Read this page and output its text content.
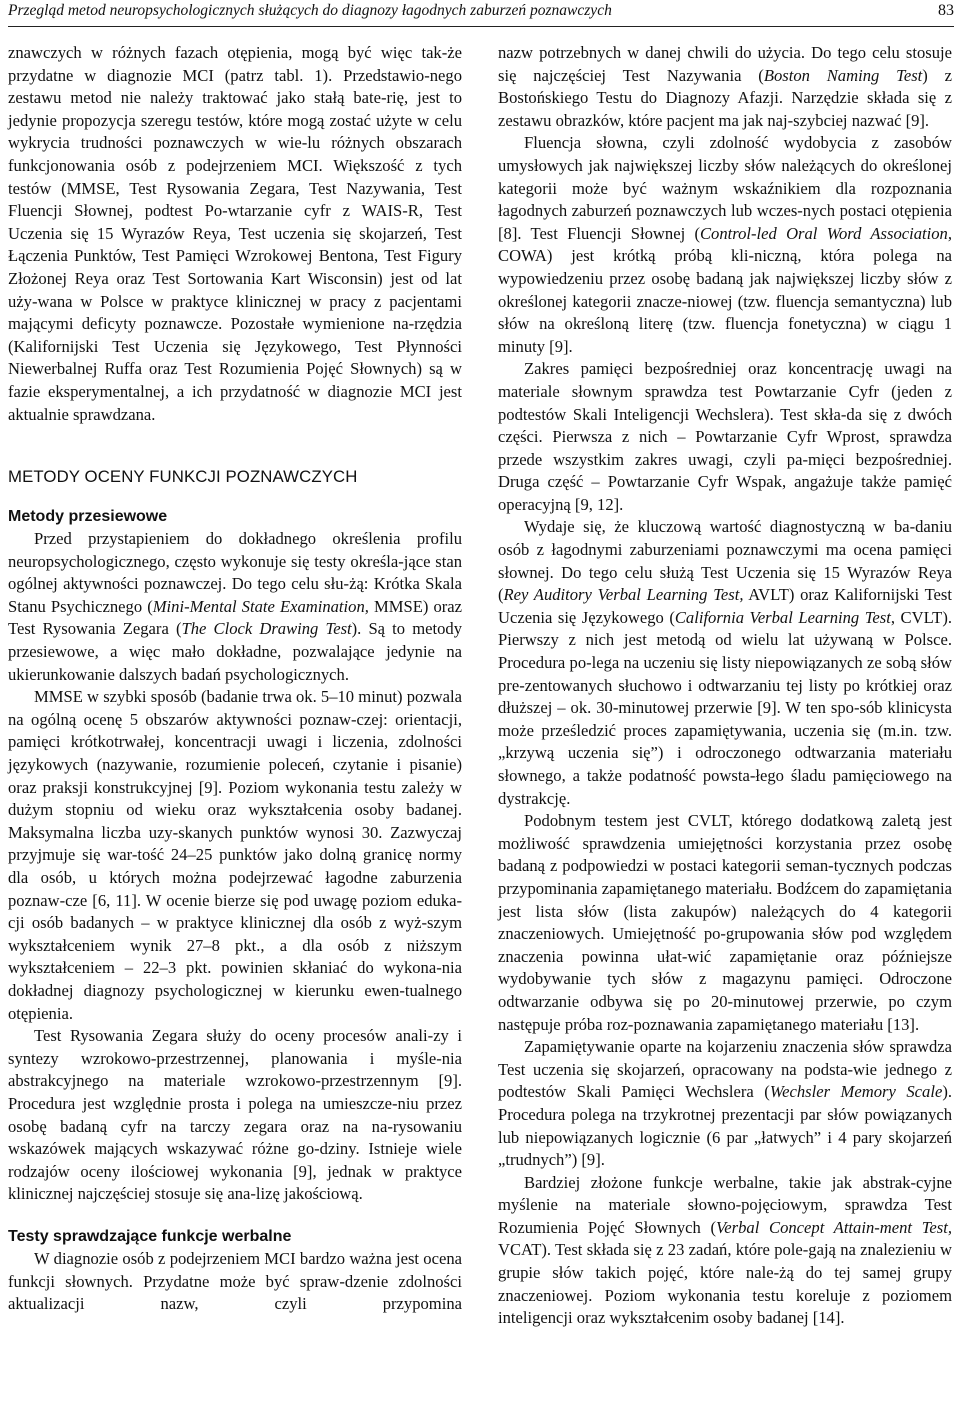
Przegląd metod neuropsychologicznych służących do diagnozy łagodnych zaburzeń poznawczych	83

znawczych w różnych fazach otępienia, mogą być więc tak-że przydatne w diagnozie MCI (patrz tabl. 1). Przedstawio-nego zestawu metod nie należy traktować jako stałą bate-rię, jest to jedynie propozycja szeregu testów, które mogą zostać użyte w celu wykrycia trudności poznawczych w wie-lu różnych obszarach funkcjonowania osób z podejrzeniem MCI. Większość z tych testów (MMSE, Test Rysowania Zegara, Test Nazywania, Test Fluencji Słownej, podtest Po-wtarzanie cyfr z WAIS-R, Test Uczenia się 15 Wyrazów Reya, Test uczenia się skojarzeń, Test Łączenia Punktów, Test Pamięci Wzrokowej Bentona, Test Figury Złożonej Reya oraz Test Sortowania Kart Wisconsin) jest od lat uży-wana w Polsce w praktyce klinicznej w pracy z pacjentami mającymi deficyty poznawcze. Pozostałe wymienione na-rzędzia (Kalifornijski Test Uczenia się Językowego, Test Płynności Niewerbalnej Ruffa oraz Test Rozumienia Pojęć Słownych) są w fazie eksperymentalnej, a ich przydatność w diagnozie MCI jest aktualnie sprawdzana.

METODY OCENY FUNKCJI POZNAWCZYCH
Metody przesiewowe

Przed przystapieniem do dokładnego określenia profilu neuropsychologicznego, często wykonuje się testy określa-jące stan ogólnej aktywności poznawczej. Do tego celu słu-żą: Krótka Skala Stanu Psychicznego (Mini-Mental State Examination, MMSE) oraz Test Rysowania Zegara (The Clock Drawing Test). Są to metody przesiewowe, a więc mało dokładne, pozwalające jedynie na ukierunkowanie dalszych badań psychologicznych.

MMSE w szybki sposób (badanie trwa ok. 5–10 minut) pozwala na ogólną ocenę 5 obszarów aktywności poznaw-czej: orientacji, pamięci krótkotrwałej, koncentracji uwagi i liczenia, zdolności językowych (nazywanie, rozumienie poleceń, czytanie i pisanie) oraz praksji konstrukcyjnej [9]. Poziom wykonania testu zależy w dużym stopniu od wieku oraz wykształcenia osoby badanej. Maksymalna liczba uzy-skanych punktów wynosi 30. Zazwyczaj przyjmuje się war-tość 24–25 punktów jako dolną granicę normy dla osób, u których można podejrzewać łagodne zaburzenia poznaw-cze [6, 11]. W ocenie bierze się pod uwagę poziom eduka-cji osób badanych – w praktyce klinicznej dla osób z wyż-szym wykształceniem wynik 27–8 pkt., a dla osób z niższym wykształceniem – 22–3 pkt. powinien skłaniać do wykona-nia dokładnej diagnozy psychologicznej w kierunku ewen-tualnego otępienia.

Test Rysowania Zegara służy do oceny procesów anali-zy i syntezy wzrokowo-przestrzennej, planowania i myśle-nia abstrakcyjnego na materiale wzrokowo-przestrzennym [9]. Procedura jest względnie prosta i polega na umieszcze-niu przez osobę badaną cyfr na tarczy zegara oraz na na-rysowaniu wskazówek mających wskazywać różne go-dziny. Istnieje wiele rodzajów oceny ilościowej wykonania [9], jednak w praktyce klinicznej najczęściej stosuje się ana-lizę jakościową.

Testy sprawdzające funkcje werbalne

W diagnozie osób z podejrzeniem MCI bardzo ważna jest ocena funkcji słownych. Przydatne może być spraw-dzenie zdolności aktualizacji nazw, czyli przypomina

nazw potrzebnych w danej chwili do użycia. Do tego celu stosuje się najczęściej Test Nazywania (Boston Naming Test) z Bostońskiego Testu do Diagnozy Afazji. Narzędzie składa się z zestawu obrazków, które pacjent ma jak naj-szybciej nazwać [9].

Fluencja słowna, czyli zdolność wydobycia z zasobów umysłowych jak największej liczby słów należących do określonej kategorii może być ważnym wskaźnikiem dla rozpoznania łagodnych zaburzeń poznawczych lub wczes-nych postaci otępienia [8]. Test Fluencji Słownej (Control-led Oral Word Association, COWA) jest krótką próbą kli-niczną, która polega na wypowiedzeniu przez osobę badaną jak największej liczby słów z określonej kategorii znacze-niowej (tzw. fluencja semantyczna) lub słów na określoną literę (tzw. fluencja fonetyczna) w ciągu 1 minuty [9].

Zakres pamięci bezpośredniej oraz koncentrację uwagi na materiale słownym sprawdza test Powtarzanie Cyfr (jeden z podtestów Skali Inteligencji Wechslera). Test skła-da się z dwóch części. Pierwsza z nich – Powtarzanie Cyfr Wprost, sprawdza przede wszystkim zakres uwagi, czyli pa-mięci bezpośredniej. Druga część – Powtarzanie Cyfr Wspak, angażuje także pamięć operacyjną [9, 12].

Wydaje się, że kluczową wartość diagnostyczną w ba-daniu osób z łagodnymi zaburzeniami poznawczymi ma ocena pamięci słownej. Do tego celu służą Test Uczenia się 15 Wyrazów Reya (Rey Auditory Verbal Learning Test, AVLT) oraz Kalifornijski Test Uczenia się Językowego (California Verbal Learning Test, CVLT). Pierwszy z nich jest metodą od wielu lat używaną w Polsce. Procedura po-lega na uczeniu się listy niepowiązanych ze sobą słów pre-zentowanych słuchowo i odtwarzaniu tej listy po krótkiej oraz dłuższej – ok. 30-minutowej przerwie [9]. W ten spo-sób klinicysta może prześledzić proces zapamiętywania, uczenia się (m.in. tzw. „krzywą uczenia się”) i odroczonego odtwarzania materiału słownego, a także podatność powsta-łego śladu pamięciowego na dystrakcję.

Podobnym testem jest CVLT, którego dodatkową zaletą jest możliwość sprawdzenia umiejętności korzystania przez osobę badaną z podpowiedzi w postaci kategorii seman-tycznych podczas przypominania zapamiętanego materiału. Bodźcem do zapamiętania jest lista słów (lista zakupów) należących do 4 kategorii znaczeniowych. Umiejętność po-grupowania słów pod względem znaczenia powinna ułat-wić zapamiętanie oraz późniejsze wydobywanie tych słów z magazynu pamięci. Odroczone odtwarzanie odbywa się po 20-minutowej przerwie, po czym następuje próba roz-poznawania zapamiętanego materiału [13].

Zapamiętywanie oparte na kojarzeniu znaczenia słów sprawdza Test uczenia się skojarzeń, opracowany na podsta-wie jednego z podtestów Skali Pamięci Wechslera (Wechsler Memory Scale). Procedura polega na trzykrotnej prezentacji par słów powiązanych lub niepowiązanych logicznie (6 par „łatwych” i 4 pary skojarzeń „trudnych”) [9].

Bardziej złożone funkcje werbalne, takie jak abstrak-cyjne myślenie na materiale słowno-pojęciowym, sprawdza Test Rozumienia Pojęć Słownych (Verbal Concept Attain-ment Test, VCAT). Test składa się z 23 zadań, które pole-gają na znalezieniu w grupie słów takich pojęć, które nale-żą do tej samej grupy znaczeniowej. Poziom wykonania testu koreluje z poziomem inteligencji oraz wykształcenim osoby badanej [14].
